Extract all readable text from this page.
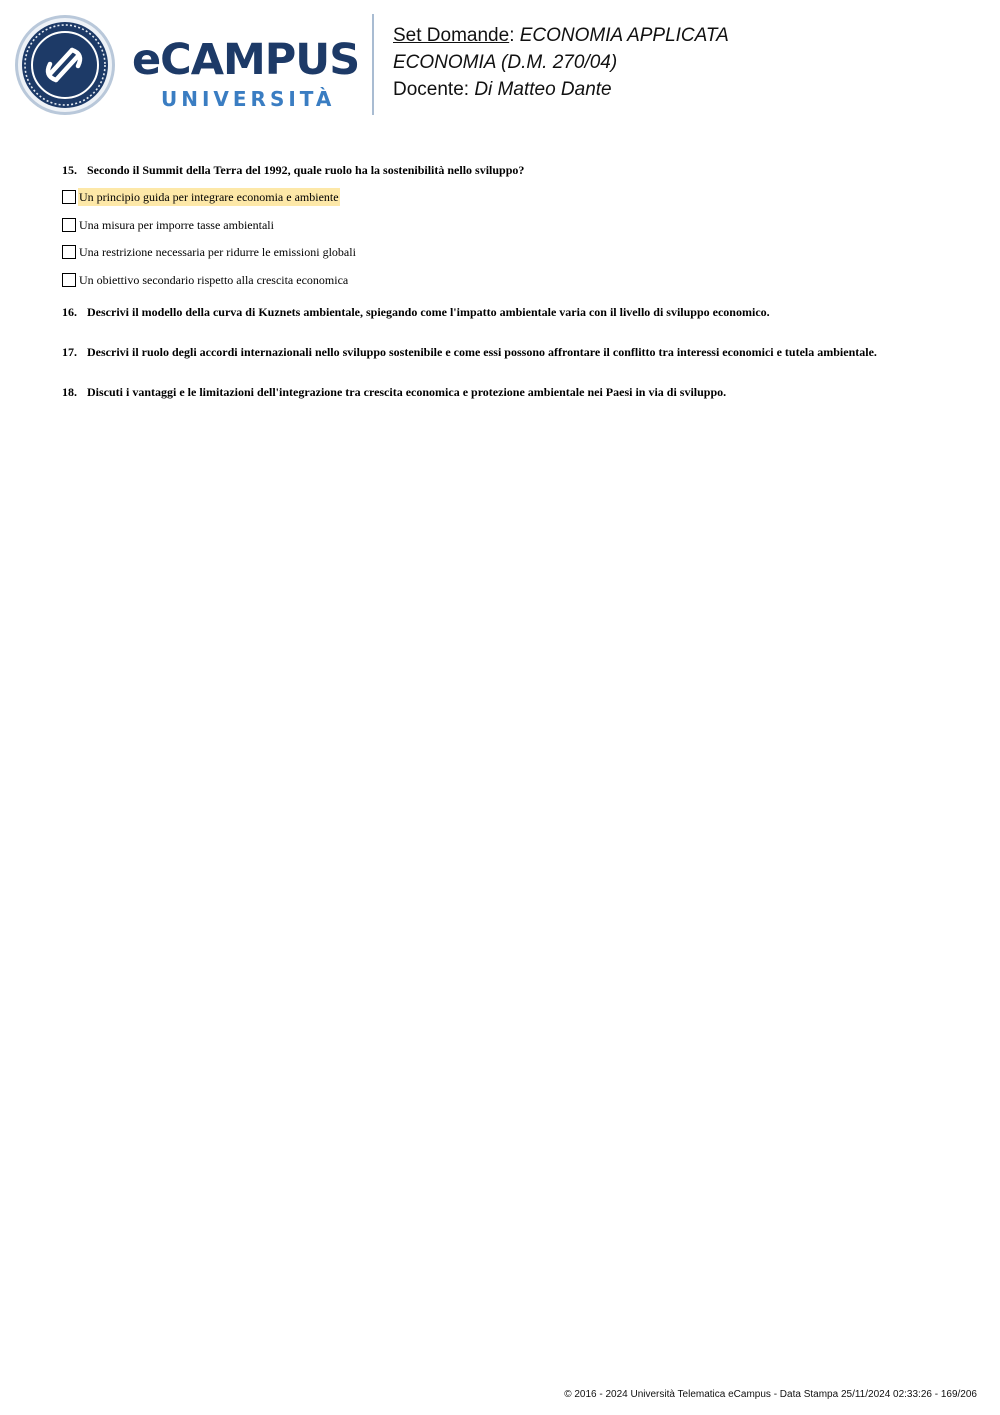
eCAMPUS
UNIVERSITÀ
Set Domande: ECONOMIA APPLICATA
ECONOMIA (D.M. 270/04)
Docente: Di Matteo Dante
15. Secondo il Summit della Terra del 1992, quale ruolo ha la sostenibilità nello sviluppo?
Un principio guida per integrare economia e ambiente
Una misura per imporre tasse ambientali
Una restrizione necessaria per ridurre le emissioni globali
Un obiettivo secondario rispetto alla crescita economica
16. Descrivi il modello della curva di Kuznets ambientale, spiegando come l'impatto ambientale varia con il livello di sviluppo economico.
17. Descrivi il ruolo degli accordi internazionali nello sviluppo sostenibile e come essi possono affrontare il conflitto tra interessi economici e tutela ambientale.
18. Discuti i vantaggi e le limitazioni dell'integrazione tra crescita economica e protezione ambientale nei Paesi in via di sviluppo.
© 2016 - 2024 Università Telematica eCampus - Data Stampa 25/11/2024 02:33:26 - 169/206
